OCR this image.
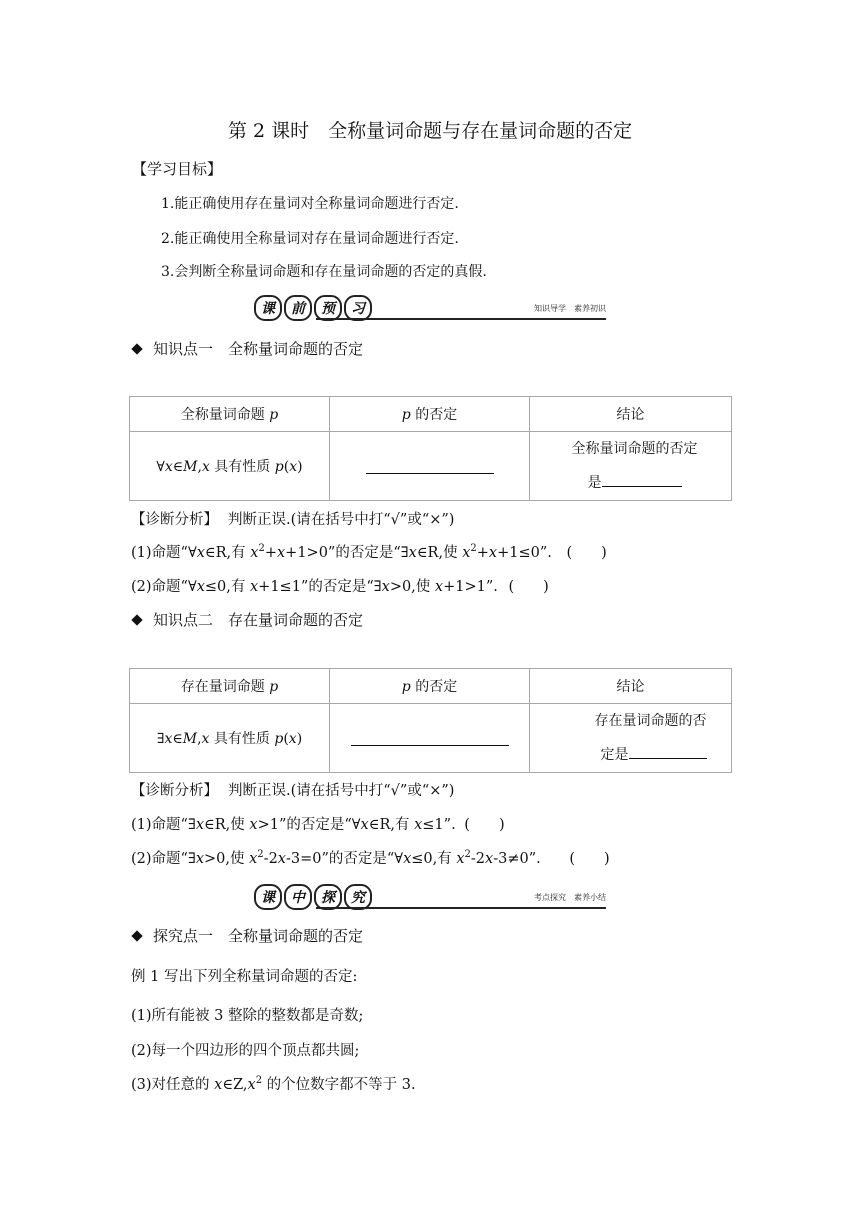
第 2 课时　全称量词命题与存在量词命题的否定
【学习目标】
1.能正确使用存在量词对全称量词命题进行否定.
2.能正确使用全称量词对存在量词命题进行否定.
3.会判断全称量词命题和存在量词命题的否定的真假.
课	前	预	习	知识导学　素养初识
知识点一　全称量词命题的否定
全称量词命题 p	p 的否定	结论
∀x∈M,x 具有性质 p(x)		全称量词命题的否定
是
【诊断分析】 判断正误.(请在括号中打“√”或“×”)
(1)命题“∀x∈R,有 $x^2+x+1>0$”的否定是“∃x∈R,使 $x^2+x+1\le 0$”. (　　)
(2)命题“∀x≤0,有 x+1≤1”的否定是“∃x>0,使 x+1>1”. (　　)
知识点二　存在量词命题的否定
存在量词命题 p	p 的否定	结论
∃x∈M,x 具有性质 p(x)		存在量词命题的否
定是
【诊断分析】 判断正误.(请在括号中打“√”或“×”)
(1)命题“∃x∈R,使 x>1”的否定是“∀x∈R,有 x≤1”. (　　)
(2)命题“∃x>0,使 $x^2-2x-3=0$”的否定是“∀x≤0,有 $x^2-2x-3\ne 0$”. (　　)
课	中	探	究	考点探究　素养小结
探究点一　全称量词命题的否定
例 1 写出下列全称量词命题的否定:
(1)所有能被 3 整除的整数都是奇数;
(2)每一个四边形的四个顶点都共圆;
(3)对任意的 $x\in Z,x^2$ 的个位数字都不等于 3.
